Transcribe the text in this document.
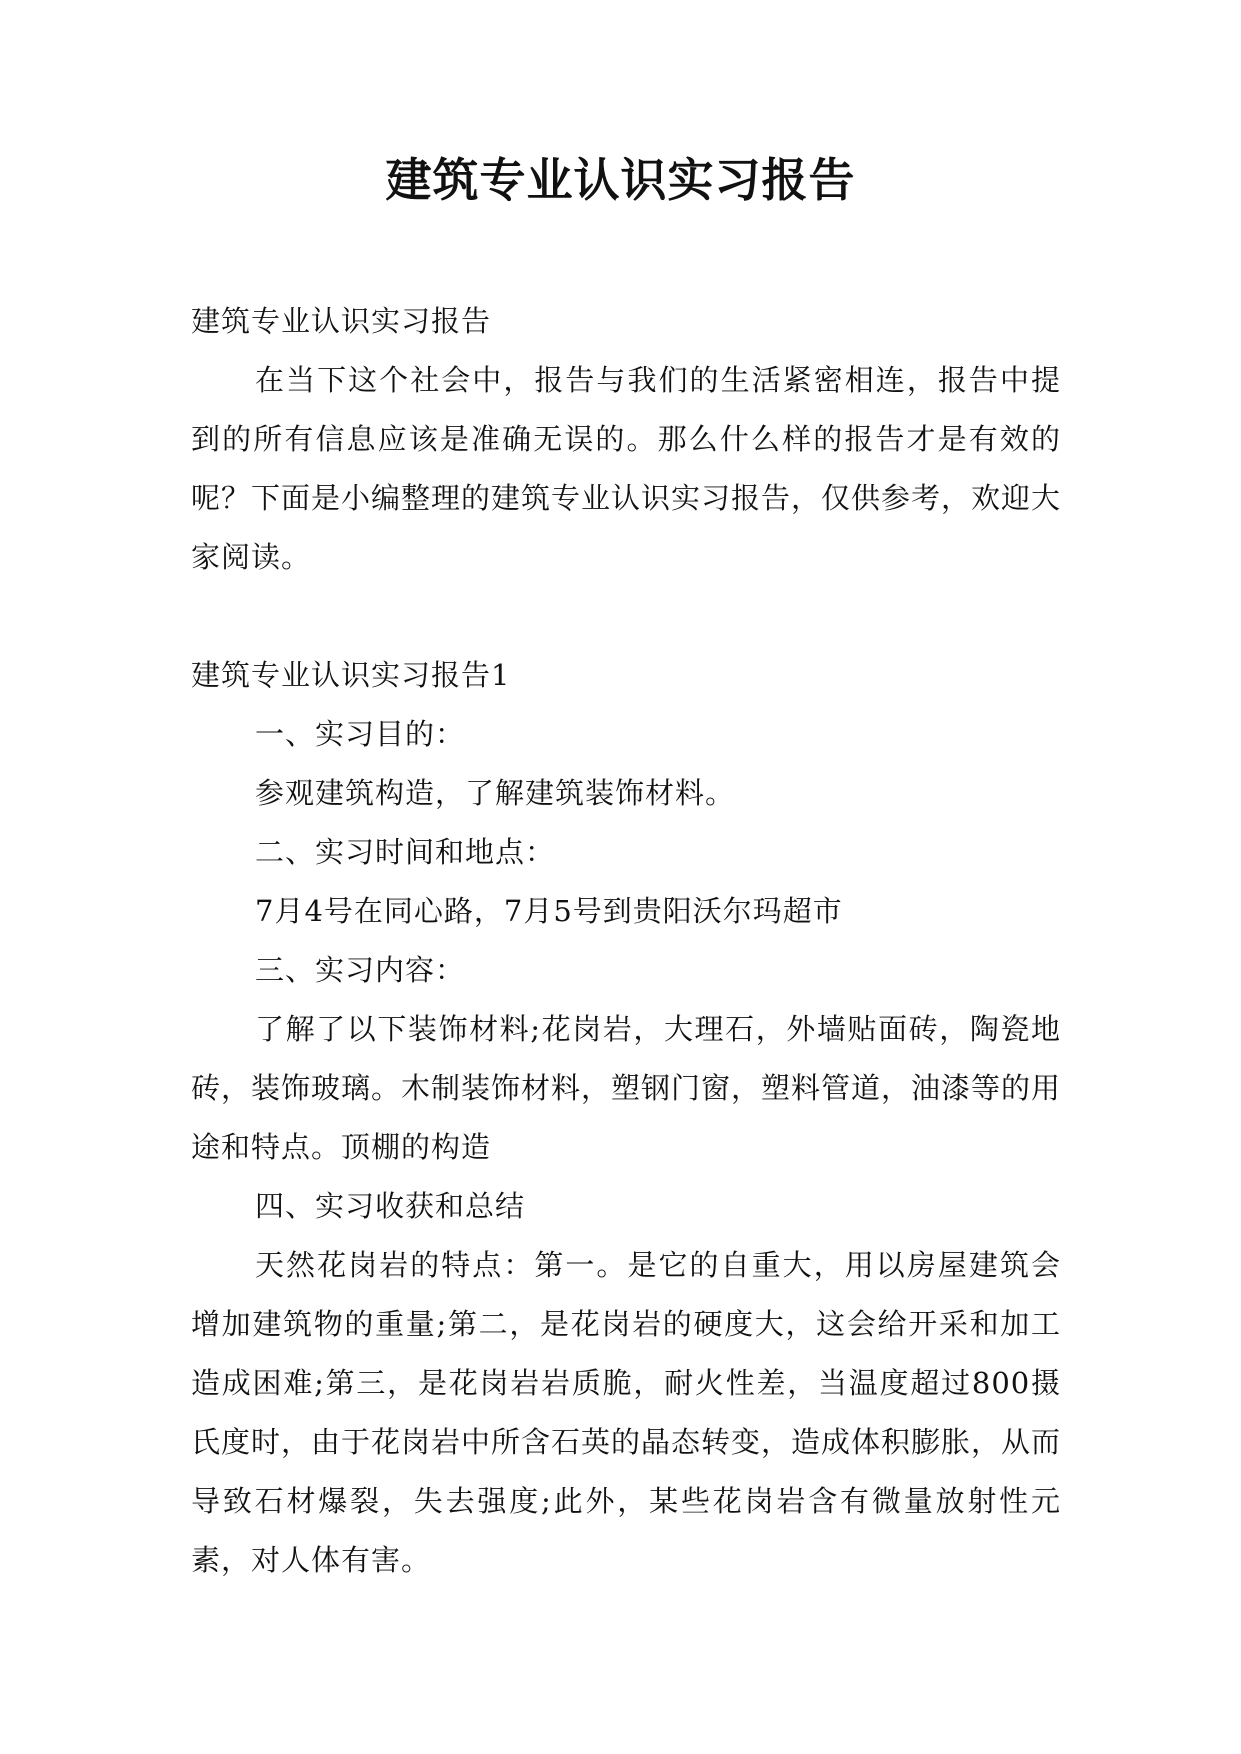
建筑专业认识实习报告

建筑专业认识实习报告

在当下这个社会中，报告与我们的生活紧密相连，报告中提到的所有信息应该是准确无误的。那么什么样的报告才是有效的呢？下面是小编整理的建筑专业认识实习报告，仅供参考，欢迎大家阅读。

建筑专业认识实习报告1

一、实习目的：

参观建筑构造，了解建筑装饰材料。

二、实习时间和地点：

7月4号在同心路，7月5号到贵阳沃尔玛超市

三、实习内容：

了解了以下装饰材料;花岗岩，大理石，外墙贴面砖，陶瓷地砖，装饰玻璃。木制装饰材料，塑钢门窗，塑料管道，油漆等的用途和特点。顶棚的构造

四、实习收获和总结

天然花岗岩的特点：第一。是它的自重大，用以房屋建筑会增加建筑物的重量;第二，是花岗岩的硬度大，这会给开采和加工造成困难;第三，是花岗岩岩质脆，耐火性差，当温度超过800摄氏度时，由于花岗岩中所含石英的晶态转变，造成体积膨胀，从而导致石材爆裂，失去强度;此外，某些花岗岩含有微量放射性元素，对人体有害。
